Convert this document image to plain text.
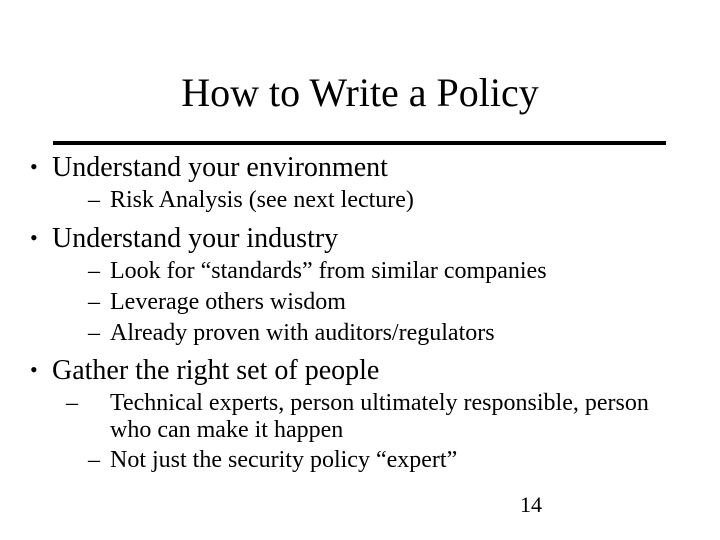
How to Write a Policy
• Understand your environment
– Risk Analysis (see next lecture)
• Understand your industry
– Look for “standards” from similar companies
– Leverage others wisdom
– Already proven with auditors/regulators
• Gather the right set of people
– Technical experts, person ultimately responsible, person who can make it happen
– Not just the security policy “expert”
14
